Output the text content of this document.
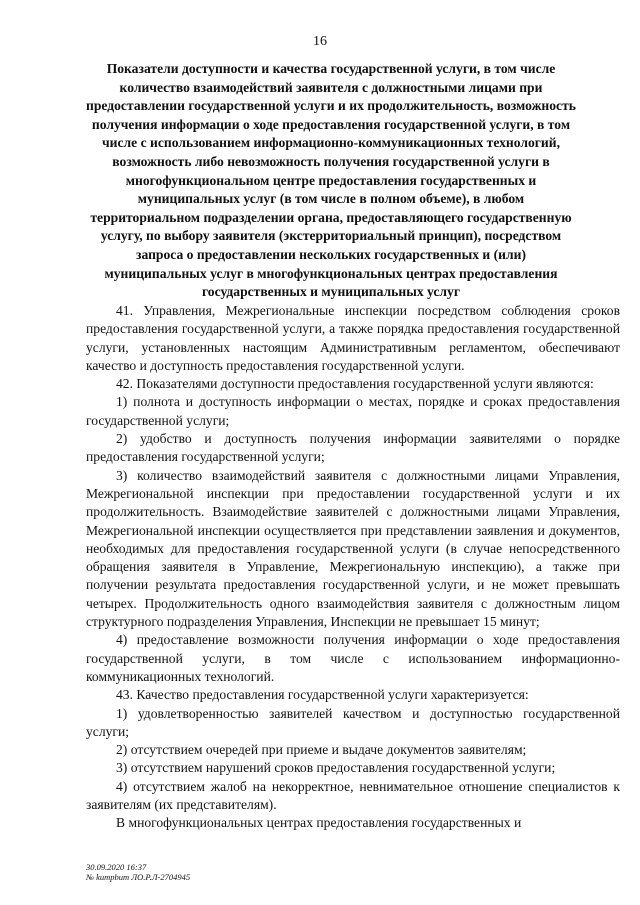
16
Показатели доступности и качества государственной услуги, в том числе количество взаимодействий заявителя с должностными лицами при предоставлении государственной услуги и их продолжительность, возможность получения информации о ходе предоставления государственной услуги, в том числе с использованием информационно-коммуникационных технологий, возможность либо невозможность получения государственной услуги в многофункциональном центре предоставления государственных и муниципальных услуг (в том числе в полном объеме), в любом территориальном подразделении органа, предоставляющего государственную услугу, по выбору заявителя (экстерриториальный принцип), посредством запроса о предоставлении нескольких государственных и (или) муниципальных услуг в многофункциональных центрах предоставления государственных и муниципальных услуг

41. Управления, Межрегиональные инспекции посредством соблюдения сроков предоставления государственной услуги, а также порядка предоставления государственной услуги, установленных настоящим Административным регламентом, обеспечивают качество и доступность предоставления государственной услуги.

42. Показателями доступности предоставления государственной услуги являются:

1) полнота и доступность информации о местах, порядке и сроках предоставления государственной услуги;

2) удобство и доступность получения информации заявителями о порядке предоставления государственной услуги;

3) количество взаимодействий заявителя с должностными лицами Управления, Межрегиональной инспекции при предоставлении государственной услуги и их продолжительность. Взаимодействие заявителей с должностными лицами Управления, Межрегиональной инспекции осуществляется при представлении заявления и документов, необходимых для предоставления государственной услуги (в случае непосредственного обращения заявителя в Управление, Межрегиональную инспекцию), а также при получении результата предоставления государственной услуги, и не может превышать четырех. Продолжительность одного взаимодействия заявителя с должностным лицом структурного подразделения Управления, Инспекции не превышает 15 минут;

4) предоставление возможности получения информации о ходе предоставления государственной услуги, в том числе с использованием информационно-коммуникационных технологий.

43. Качество предоставления государственной услуги характеризуется:

1) удовлетворенностью заявителей качеством и доступностью государственной услуги;

2) отсутствием очередей при приеме и выдаче документов заявителям;

3) отсутствием нарушений сроков предоставления государственной услуги;

4) отсутствием жалоб на некорректное, невнимательное отношение специалистов к заявителям (их представителям).

В многофункциональных центрах предоставления государственных и

30.09.2020 16:37
№ kumpbum ЛО.Р.Л-2704945
